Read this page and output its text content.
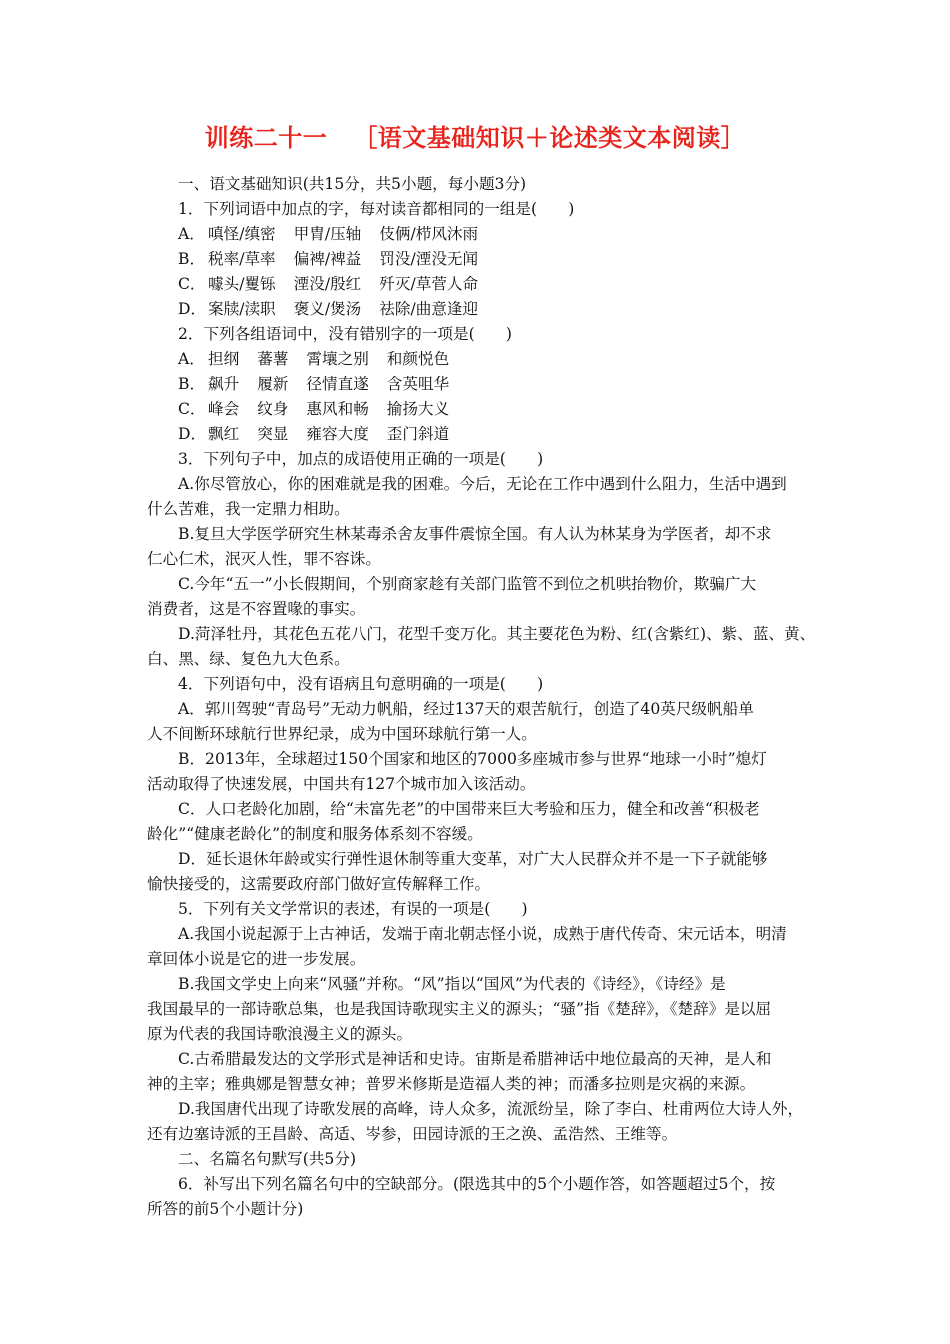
训练二十一 ［语文基础知识＋论述类文本阅读］
一、语文基础知识(共15分，共5小题，每小题3分)
1．下列词语中加点的字，每对读音都相同的一组是(　　)
A． 嗔怪/缜密 甲胄/压轴 伎俩/栉风沐雨
B． 税率/草率 偏裨/裨益 罚没/湮没无闻
C． 噱头/矍铄 湮没/殷红 歼灭/草菅人命
D． 案牍/渎职 褒义/煲汤 祛除/曲意逢迎
2．下列各组语词中，没有错别字的一项是(　　)
A． 担纲 蕃薯 霄壤之别 和颜悦色
B． 飙升 履新 径情直遂 含英咀华
C． 峰会 纹身 惠风和畅 揄扬大义
D． 飘红 突显 雍容大度 歪门斜道
3．下列句子中，加点的成语使用正确的一项是(　　)
A.你尽管放心，你的困难就是我的困难。今后，无论在工作中遇到什么阻力，生活中遇到
什么苦难，我一定鼎力相助。
B.复旦大学医学研究生林某毒杀舍友事件震惊全国。有人认为林某身为学医者，却不求
仁心仁术，泯灭人性，罪不容诛。
C.今年“五一”小长假期间，个别商家趁有关部门监管不到位之机哄抬物价，欺骗广大
消费者，这是不容置喙的事实。
D.菏泽牡丹，其花色五花八门，花型千变万化。其主要花色为粉、红(含紫红)、紫、蓝、黄、
白、黑、绿、复色九大色系。
4．下列语句中，没有语病且句意明确的一项是(　　)
A．郭川驾驶“青岛号”无动力帆船，经过137天的艰苦航行，创造了40英尺级帆船单
人不间断环球航行世界纪录，成为中国环球航行第一人。
B．2013年，全球超过150个国家和地区的7000多座城市参与世界“地球一小时”熄灯
活动取得了快速发展，中国共有127个城市加入该活动。
C．人口老龄化加剧，给“未富先老”的中国带来巨大考验和压力，健全和改善“积极老
龄化”“健康老龄化”的制度和服务体系刻不容缓。
D．延长退休年龄或实行弹性退休制等重大变革，对广大人民群众并不是一下子就能够
愉快接受的，这需要政府部门做好宣传解释工作。
5．下列有关文学常识的表述，有误的一项是(　　)
A.我国小说起源于上古神话，发端于南北朝志怪小说，成熟于唐代传奇、宋元话本，明清
章回体小说是它的进一步发展。
B.我国文学史上向来“风骚”并称。“风”指以“国风”为代表的《诗经》，《诗经》是
我国最早的一部诗歌总集，也是我国诗歌现实主义的源头；“骚”指《楚辞》，《楚辞》是以屈
原为代表的我国诗歌浪漫主义的源头。
C.古希腊最发达的文学形式是神话和史诗。宙斯是希腊神话中地位最高的天神，是人和
神的主宰；雅典娜是智慧女神；普罗米修斯是造福人类的神；而潘多拉则是灾祸的来源。
D.我国唐代出现了诗歌发展的高峰，诗人众多，流派纷呈，除了李白、杜甫两位大诗人外，
还有边塞诗派的王昌龄、高适、岑参，田园诗派的王之涣、孟浩然、王维等。
二、名篇名句默写(共5分)
6．补写出下列名篇名句中的空缺部分。(限选其中的5个小题作答，如答题超过5个，按
所答的前5个小题计分)
